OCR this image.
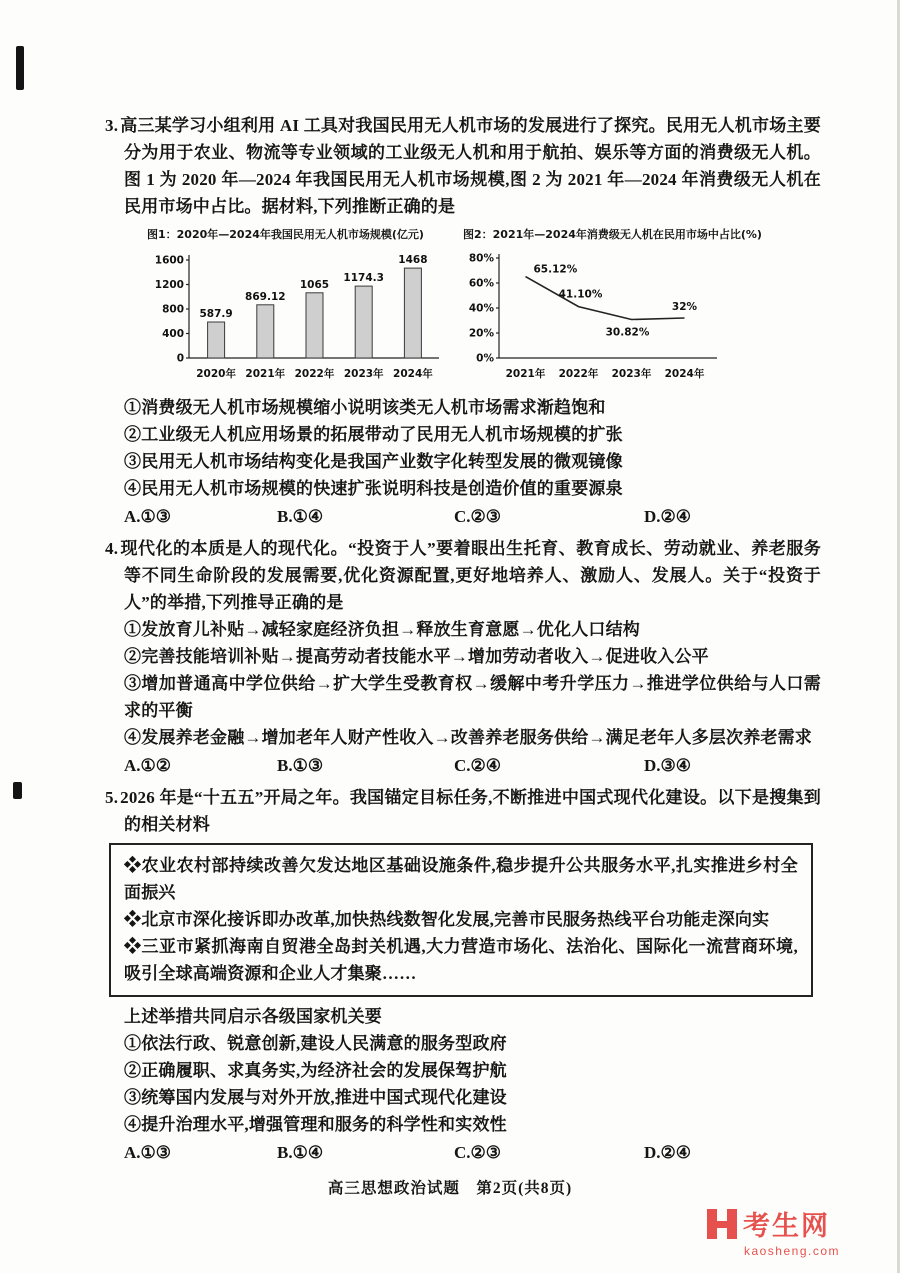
3. 高三某学习小组利用 AI 工具对我国民用无人机市场的发展进行了探究。民用无人机市场主要分为用于农业、物流等专业领域的工业级无人机和用于航拍、娱乐等方面的消费级无人机。图 1 为 2020 年—2024 年我国民用无人机市场规模,图 2 为 2021 年—2024 年消费级无人机在民用市场中占比。据材料,下列推断正确的是

图1：2020年—2024年我国民用无人机市场规模(亿元)
0
400
800
1200
1600
587.9
2020年
869.12
2021年
1065
2022年
1174.3
2023年
1468
2024年
图2：2021年—2024年消费级无人机在民用市场中占比(%)
0%
20%
40%
60%
80%
65.12%
2021年
41.10%
2022年
30.82%
2023年
32%
2024年

①消费级无人机市场规模缩小说明该类无人机市场需求渐趋饱和

②工业级无人机应用场景的拓展带动了民用无人机市场规模的扩张

③民用无人机市场结构变化是我国产业数字化转型发展的微观镜像

④民用无人机市场规模的快速扩张说明科技是创造价值的重要源泉

A.①③	B.①④	C.②③	D.②④

4. 现代化的本质是人的现代化。“投资于人”要着眼出生托育、教育成长、劳动就业、养老服务等不同生命阶段的发展需要,优化资源配置,更好地培养人、激励人、发展人。关于“投资于人”的举措,下列推导正确的是

①发放育儿补贴→减轻家庭经济负担→释放生育意愿→优化人口结构

②完善技能培训补贴→提高劳动者技能水平→增加劳动者收入→促进收入公平

③增加普通高中学位供给→扩大学生受教育权→缓解中考升学压力→推进学位供给与人口需求的平衡

④发展养老金融→增加老年人财产性收入→改善养老服务供给→满足老年人多层次养老需求

A.①②	B.①③	C.②④	D.③④

5. 2026 年是“十五五”开局之年。我国锚定目标任务,不断推进中国式现代化建设。以下是搜集到的相关材料

❖农业农村部持续改善欠发达地区基础设施条件,稳步提升公共服务水平,扎实推进乡村全面振兴

❖北京市深化接诉即办改革,加快热线数智化发展,完善市民服务热线平台功能走深向实

❖三亚市紧抓海南自贸港全岛封关机遇,大力营造市场化、法治化、国际化一流营商环境,吸引全球高端资源和企业人才集聚……

上述举措共同启示各级国家机关要

①依法行政、锐意创新,建设人民满意的服务型政府

②正确履职、求真务实,为经济社会的发展保驾护航

③统筹国内发展与对外开放,推进中国式现代化建设

④提升治理水平,增强管理和服务的科学性和实效性

A.①③	B.①④	C.②③	D.②④
高三思想政治试题　第2页(共8页)
考生网
kaosheng.com
